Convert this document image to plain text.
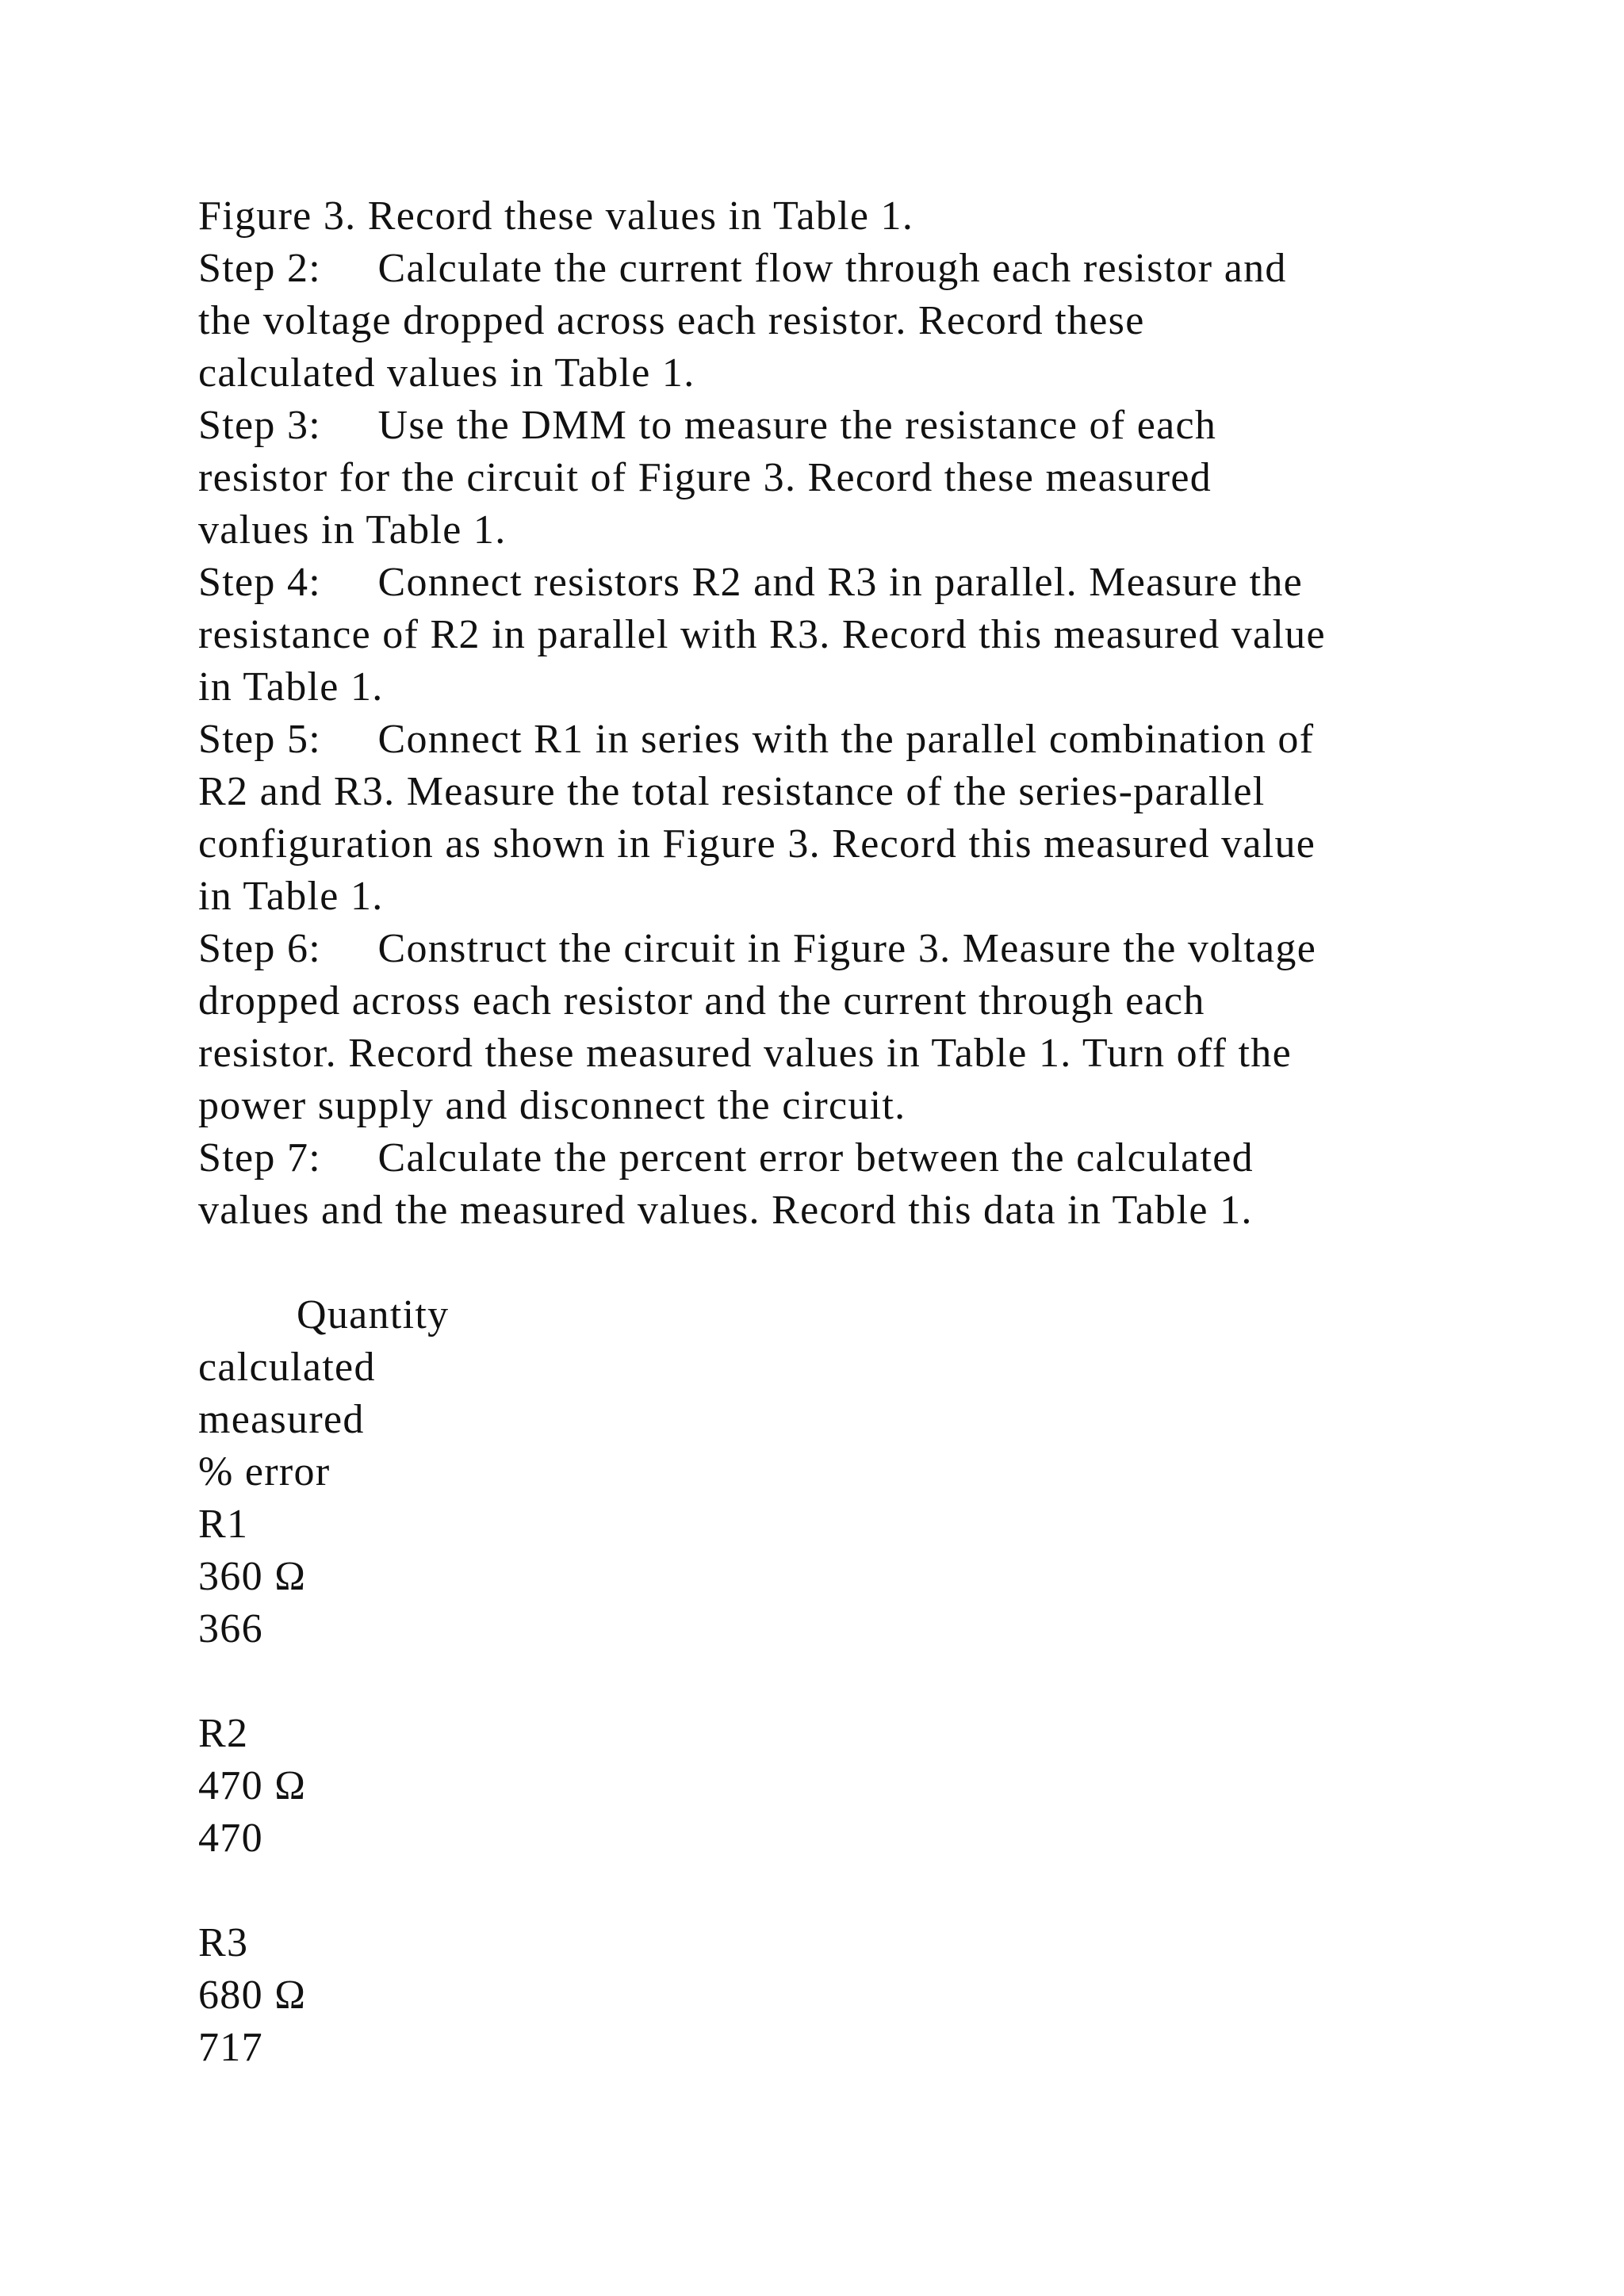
Figure 3. Record these values in Table 1.
Step 2:     Calculate the current flow through each resistor and
the voltage dropped across each resistor. Record these
calculated values in Table 1.
Step 3:     Use the DMM to measure the resistance of each
resistor for the circuit of Figure 3. Record these measured
values in Table 1.
Step 4:     Connect resistors R2 and R3 in parallel. Measure the
resistance of R2 in parallel with R3. Record this measured value
in Table 1.
Step 5:     Connect R1 in series with the parallel combination of
R2 and R3. Measure the total resistance of the series-parallel
configuration as shown in Figure 3. Record this measured value
in Table 1.
Step 6:     Construct the circuit in Figure 3. Measure the voltage
dropped across each resistor and the current through each
resistor. Record these measured values in Table 1. Turn off the
power supply and disconnect the circuit.
Step 7:     Calculate the percent error between the calculated
values and the measured values. Record this data in Table 1.
Quantity
calculated
measured
% error
R1
360 Ω
366
R2
470 Ω
470
R3
680 Ω
717
